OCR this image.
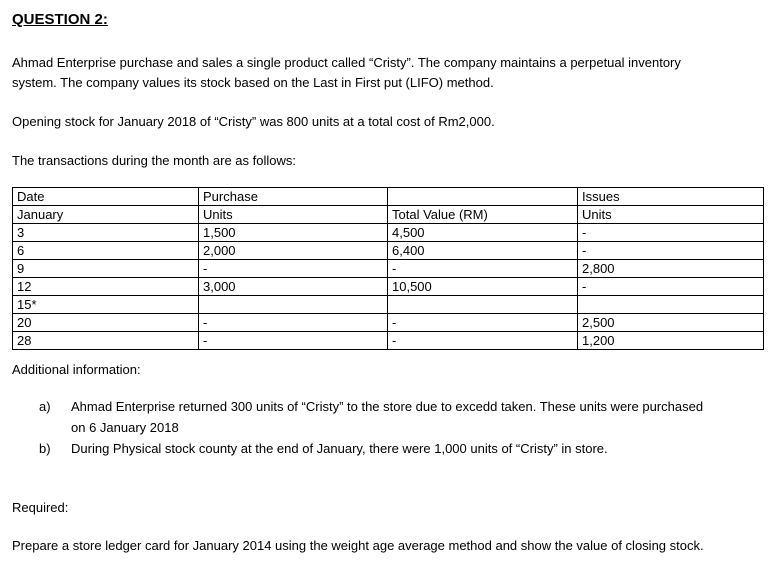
QUESTION 2:
Ahmad Enterprise purchase and sales a single product called “Cristy”. The company maintains a perpetual inventory
system. The company values its stock based on the Last in First put (LIFO) method.
Opening stock for January 2018 of “Cristy” was 800 units at a total cost of Rm2,000.
The transactions during the month are as follows:
Date	Purchase		Issues
January	Units	Total Value (RM)	Units
3	1,500	4,500	-
6	2,000	6,400	-
9	-	-	2,800
12	3,000	10,500	-
15*			
20	-	-	2,500
28	-	-	1,200
Additional information:
a) Ahmad Enterprise returned 300 units of “Cristy” to the store due to excedd taken. These units were purchased
on 6 January 2018
b) During Physical stock county at the end of January, there were 1,000 units of “Cristy” in store.
Required:
Prepare a store ledger card for January 2014 using the weight age average method and show the value of closing stock.
